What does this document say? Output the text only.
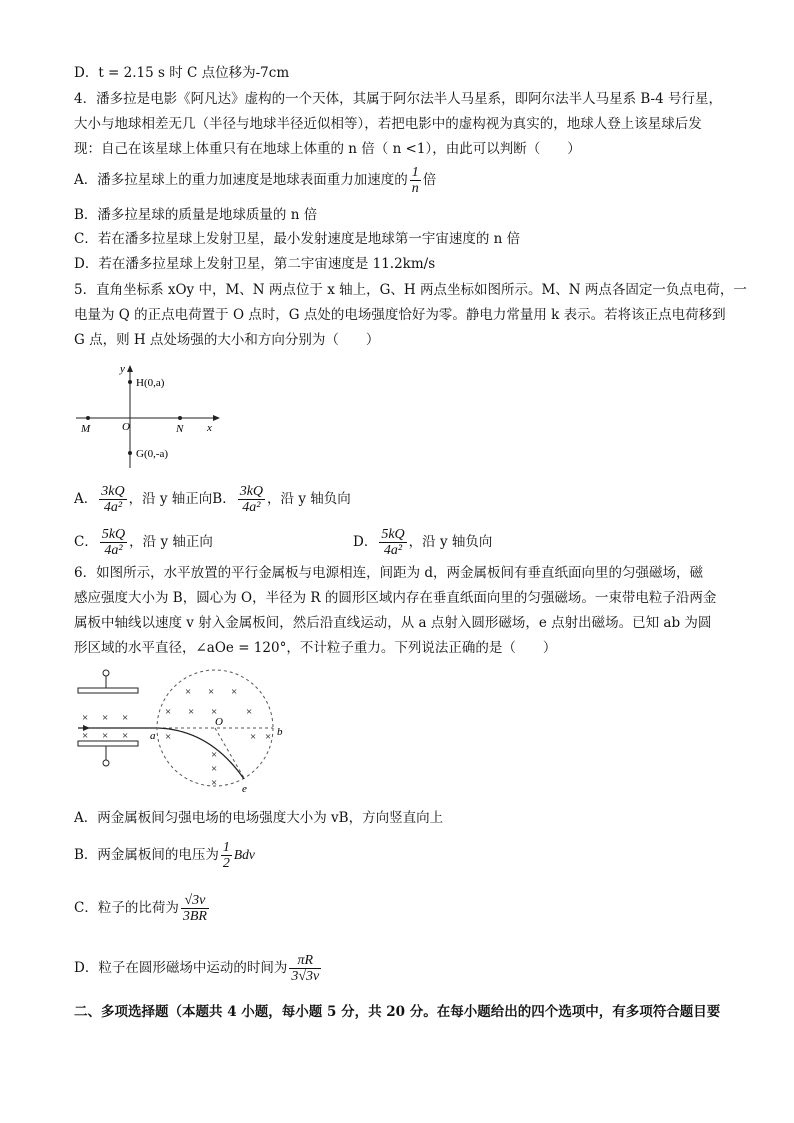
D．t = 2.15 s 时 C 点位移为-7cm
4．潘多拉是电影《阿凡达》虚构的一个天体，其属于阿尔法半人马星系，即阿尔法半人马星系 B-4 号行星，
大小与地球相差无几（半径与地球半径近似相等），若把电影中的虚构视为真实的，地球人登上该星球后发
现：自己在该星球上体重只有在地球上体重的 n 倍（ n <1），由此可以判断（　　）
A．潘多拉星球上的重力加速度是地球表面重力加速度的 $\frac{1}{n}$ 倍
B．潘多拉星球的质量是地球质量的 n 倍
C．若在潘多拉星球上发射卫星，最小发射速度是地球第一宇宙速度的 n 倍
D．若在潘多拉星球上发射卫星，第二宇宙速度是 11.2km/s
5．直角坐标系 xOy 中，M、N 两点位于 x 轴上，G、H 两点坐标如图所示。M、N 两点各固定一负点电荷，一
电量为 Q 的正点电荷置于 O 点时，G 点处的电场强度恰好为零。静电力常量用 k 表示。若将该正点电荷移到
G 点，则 H 点处场强的大小和方向分别为（　　）
y
H(0,a)
M	O	N x
G(0,-a)
A． $\frac{3kQ}{\text{4a²}}$ ，沿 y 轴正向B． $\frac{3kQ}{\text{4a²}}$ ，沿 y 轴负向
C． $\frac{5kQ}{\text{4a²}}$ ，沿 y 轴正向	D． $\frac{5kQ}{\text{4a²}}$ ，沿 y 轴负向
6．如图所示，水平放置的平行金属板与电源相连，间距为 d，两金属板间有垂直纸面向里的匀强磁场，磁
感应强度大小为 B，圆心为 O，半径为 R 的圆形区域内存在垂直纸面向里的匀强磁场。一束带电粒子沿两金
属板中轴线以速度 v 射入金属板间，然后沿直线运动，从 a 点射入圆形磁场，e 点射出磁场。已知 ab 为圆
形区域的水平直径，∠aOe = 120°，不计粒子重力。下列说法正确的是（　　）
× × ×
× × ×
× × ×
× × ×	×
×	× ×
×
×
×
a	b
O
e
A．两金属板间匀强电场的电场强度大小为 vB，方向竖直向上
B．两金属板间的电压为 $\frac{1}{2}$ Bdv
C．粒子的比荷为 $\frac{√3v}{3BR}$
D．粒子在圆形磁场中运动的时间为 $\frac{\pi R}{3√3v}$
二、多项选择题（本题共 4 小题，每小题 5 分，共 20 分。在每小题给出的四个选项中，有多项符合题目要
